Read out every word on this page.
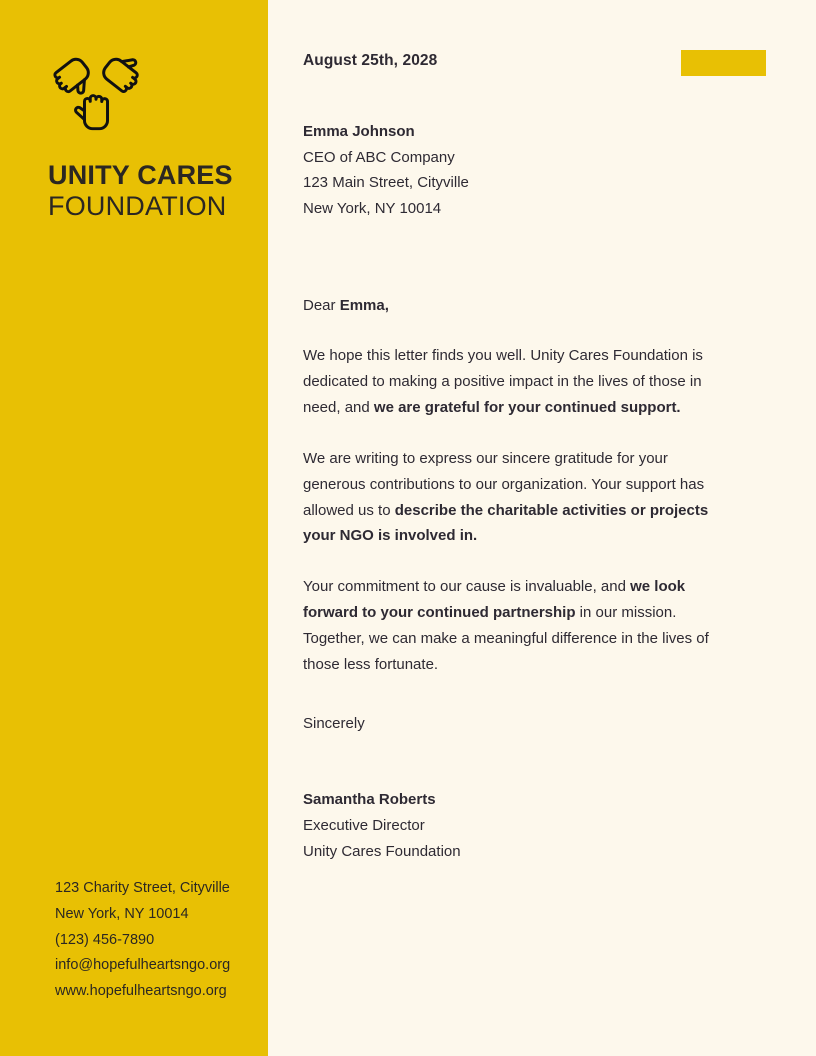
UNITY CARES
FOUNDATION
123 Charity Street, Cityville
New York, NY 10014
(123) 456-7890
info@hopefulheartsngo.org
www.hopefulheartsngo.org
August 25th, 2028
Emma Johnson
CEO of ABC Company
123 Main Street, Cityville
New York, NY 10014
Dear Emma,

We hope this letter finds you well. Unity Cares Foundation is dedicated to making a positive impact in the lives of those in need, and we are grateful for your continued support.

We are writing to express our sincere gratitude for your generous contributions to our organization. Your support has allowed us to describe the charitable activities or projects your NGO is involved in.

Your commitment to our cause is invaluable, and we look forward to your continued partnership in our mission. Together, we can make a meaningful difference in the lives of those less fortunate.

Sincerely
Samantha Roberts
Executive Director
Unity Cares Foundation
